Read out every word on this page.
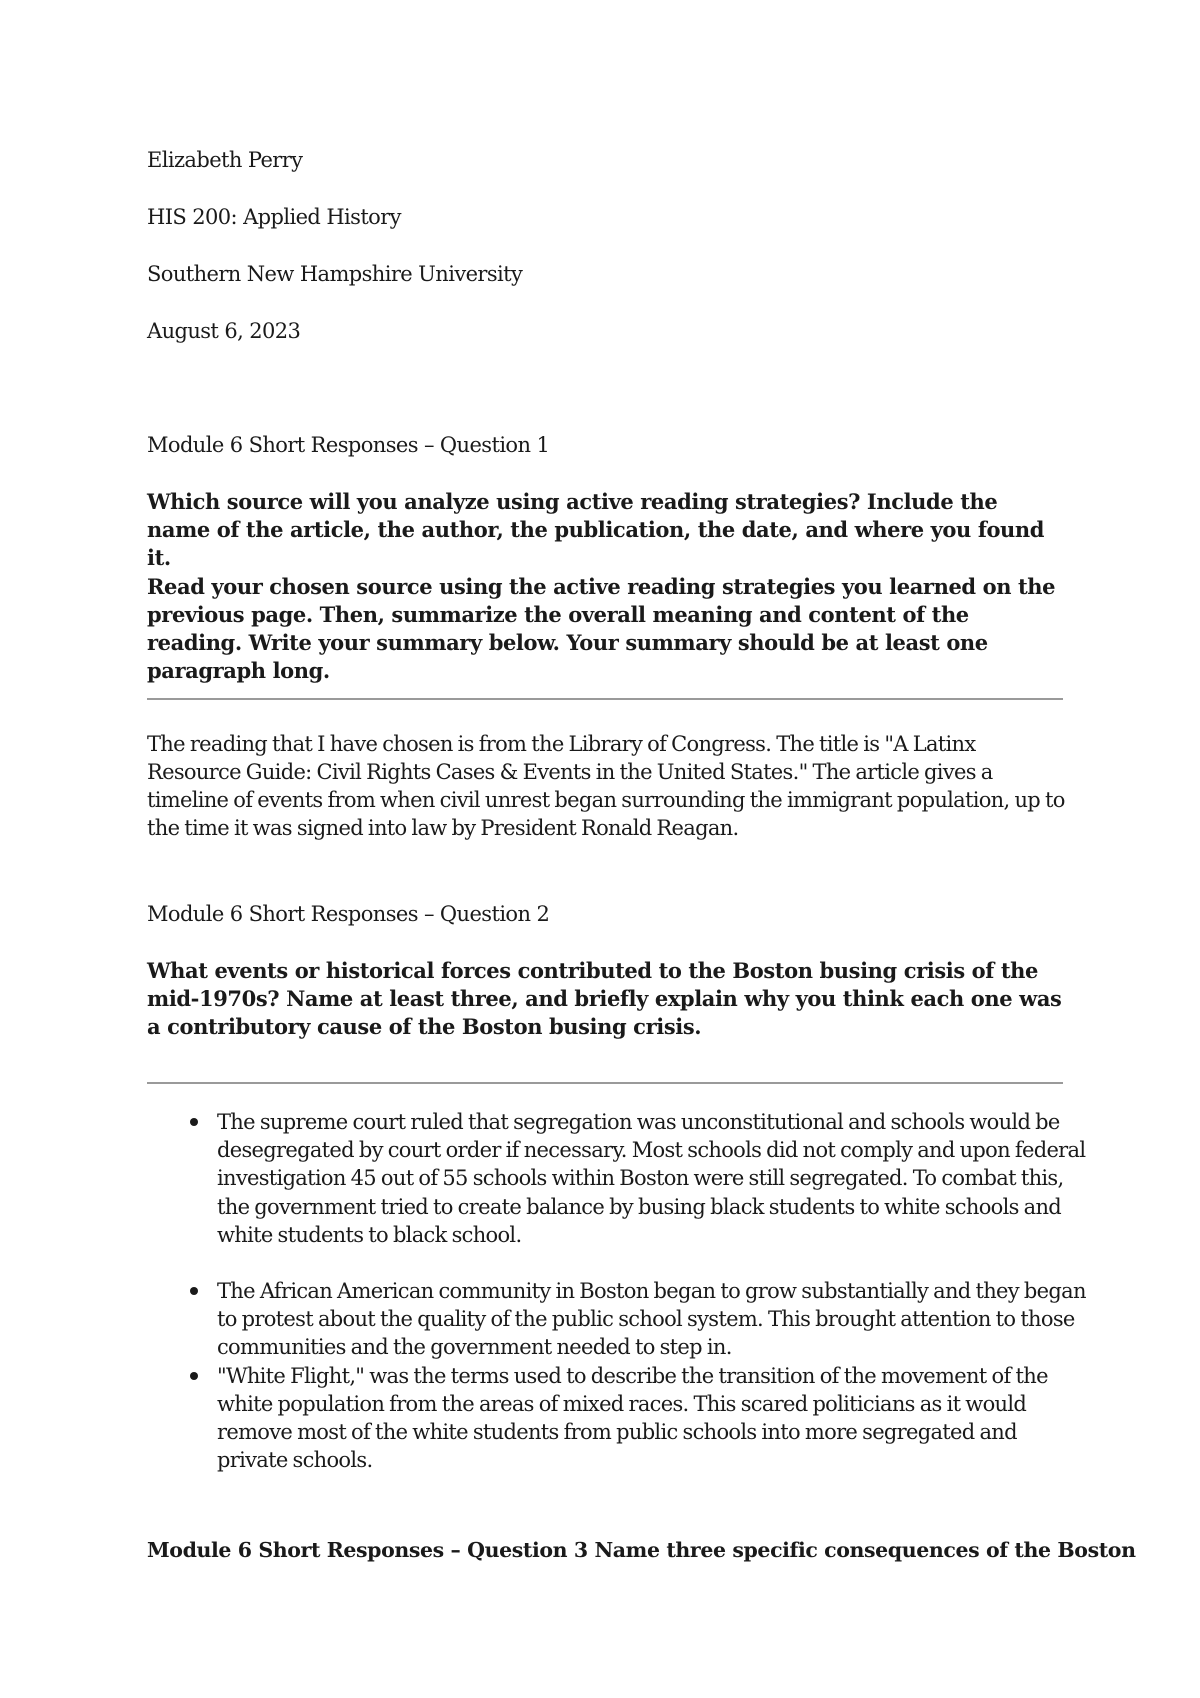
Elizabeth Perry

HIS 200: Applied History

Southern New Hampshire University

August 6, 2023

Module 6 Short Responses – Question 1

Which source will you analyze using active reading strategies? Include the name of the article, the author, the publication, the date, and where you found it.

Read your chosen source using the active reading strategies you learned on the previous page. Then, summarize the overall meaning and content of the reading. Write your summary below. Your summary should be at least one paragraph long.

The reading that I have chosen is from the Library of Congress. The title is "A Latinx Resource Guide: Civil Rights Cases & Events in the United States." The article gives a timeline of events from when civil unrest began surrounding the immigrant population, up to the time it was signed into law by President Ronald Reagan.

Module 6 Short Responses – Question 2

What events or historical forces contributed to the Boston busing crisis of the mid-1970s? Name at least three, and briefly explain why you think each one was a contributory cause of the Boston busing crisis.

The supreme court ruled that segregation was unconstitutional and schools would be desegregated by court order if necessary. Most schools did not comply and upon federal investigation 45 out of 55 schools within Boston were still segregated. To combat this, the government tried to create balance by busing black students to white schools and white students to black school.
The African American community in Boston began to grow substantially and they began to protest about the quality of the public school system. This brought attention to those communities and the government needed to step in.
"White Flight," was the terms used to describe the transition of the movement of the white population from the areas of mixed races. This scared politicians as it would remove most of the white students from public schools into more segregated and private schools.

Module 6 Short Responses – Question 3 Name three specific consequences of the Boston
